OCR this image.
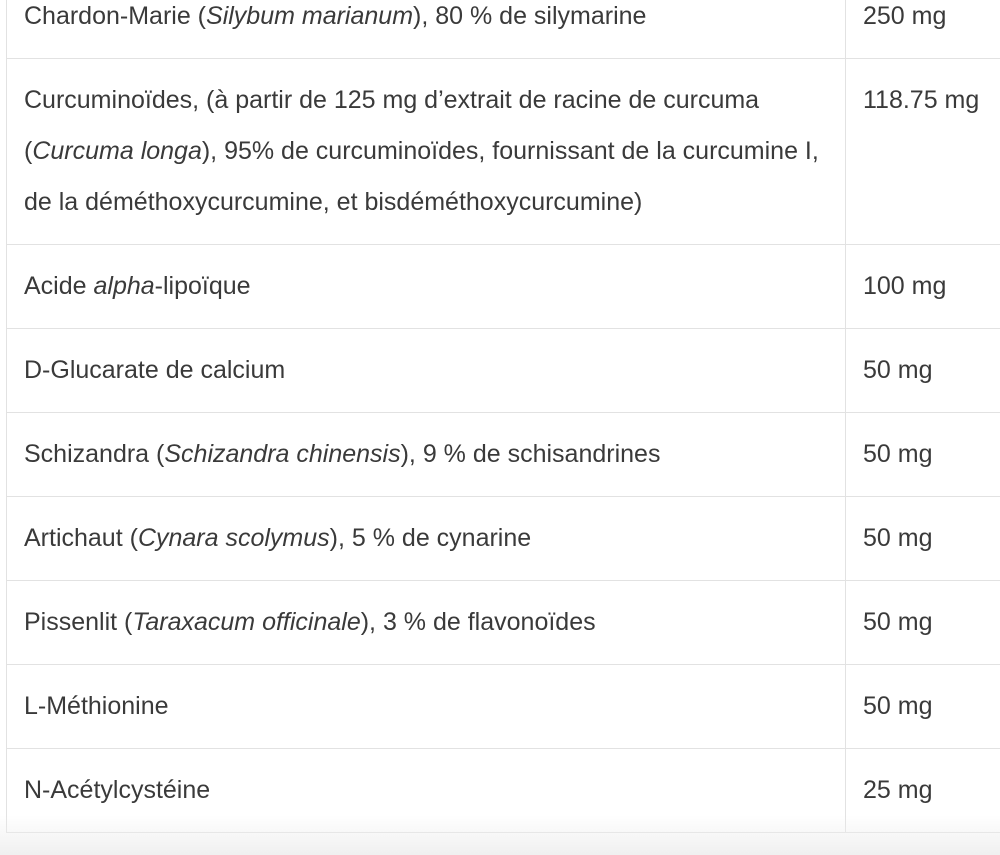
Chardon-Marie (Silybum marianum), 80 % de silymarine	250 mg
Curcuminoïdes, (à partir de 125 mg d’extrait de racine de curcuma (Curcuma longa), 95% de curcuminoïdes, fournissant de la curcumine I, de la déméthoxycurcumine, et bisdéméthoxycurcumine)	118.75 mg
Acide alpha-lipoïque	100 mg
D-Glucarate de calcium	50 mg
Schizandra (Schizandra chinensis), 9 % de schisandrines	50 mg
Artichaut (Cynara scolymus), 5 % de cynarine	50 mg
Pissenlit (Taraxacum officinale), 3 % de flavonoïdes	50 mg
L-Méthionine	50 mg
N-Acétylcystéine	25 mg
